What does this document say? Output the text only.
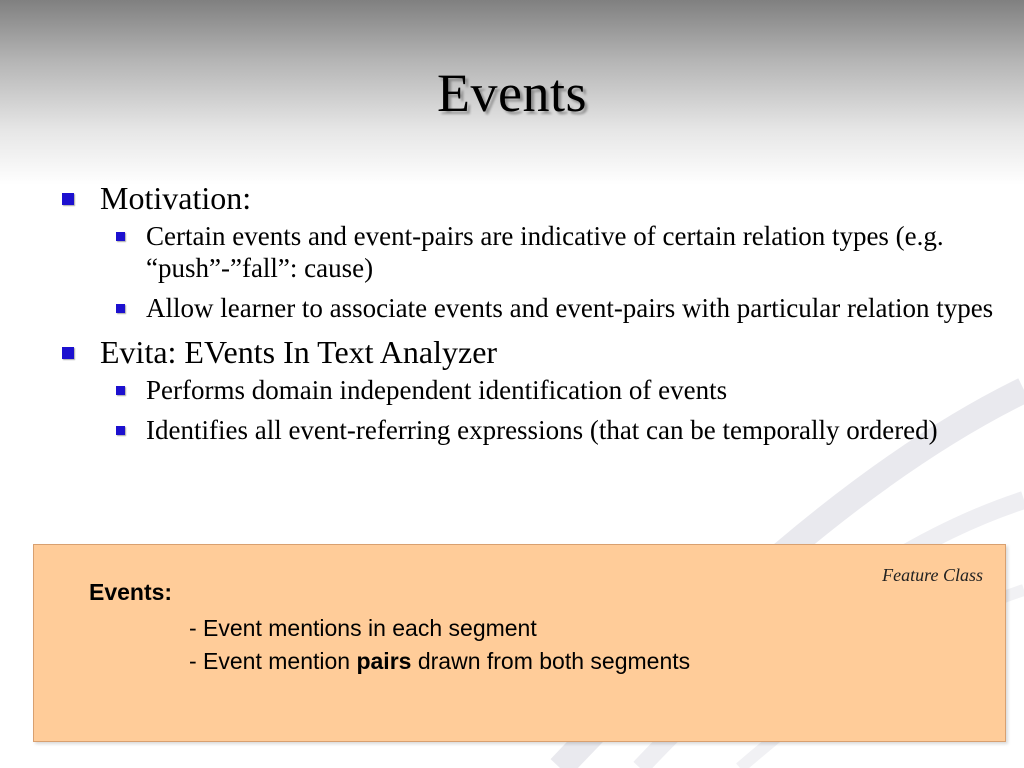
Events
Motivation:
Certain events and event-pairs are indicative of certain relation types (e.g. “push”-”fall”: cause)
Allow learner to associate events and event-pairs with particular relation types
Evita: EVents In Text Analyzer
Performs domain independent identification of events
Identifies all event-referring expressions (that can be temporally ordered)
Feature Class
Events:
- Event mentions in each segment
- Event mention pairs drawn from both segments
